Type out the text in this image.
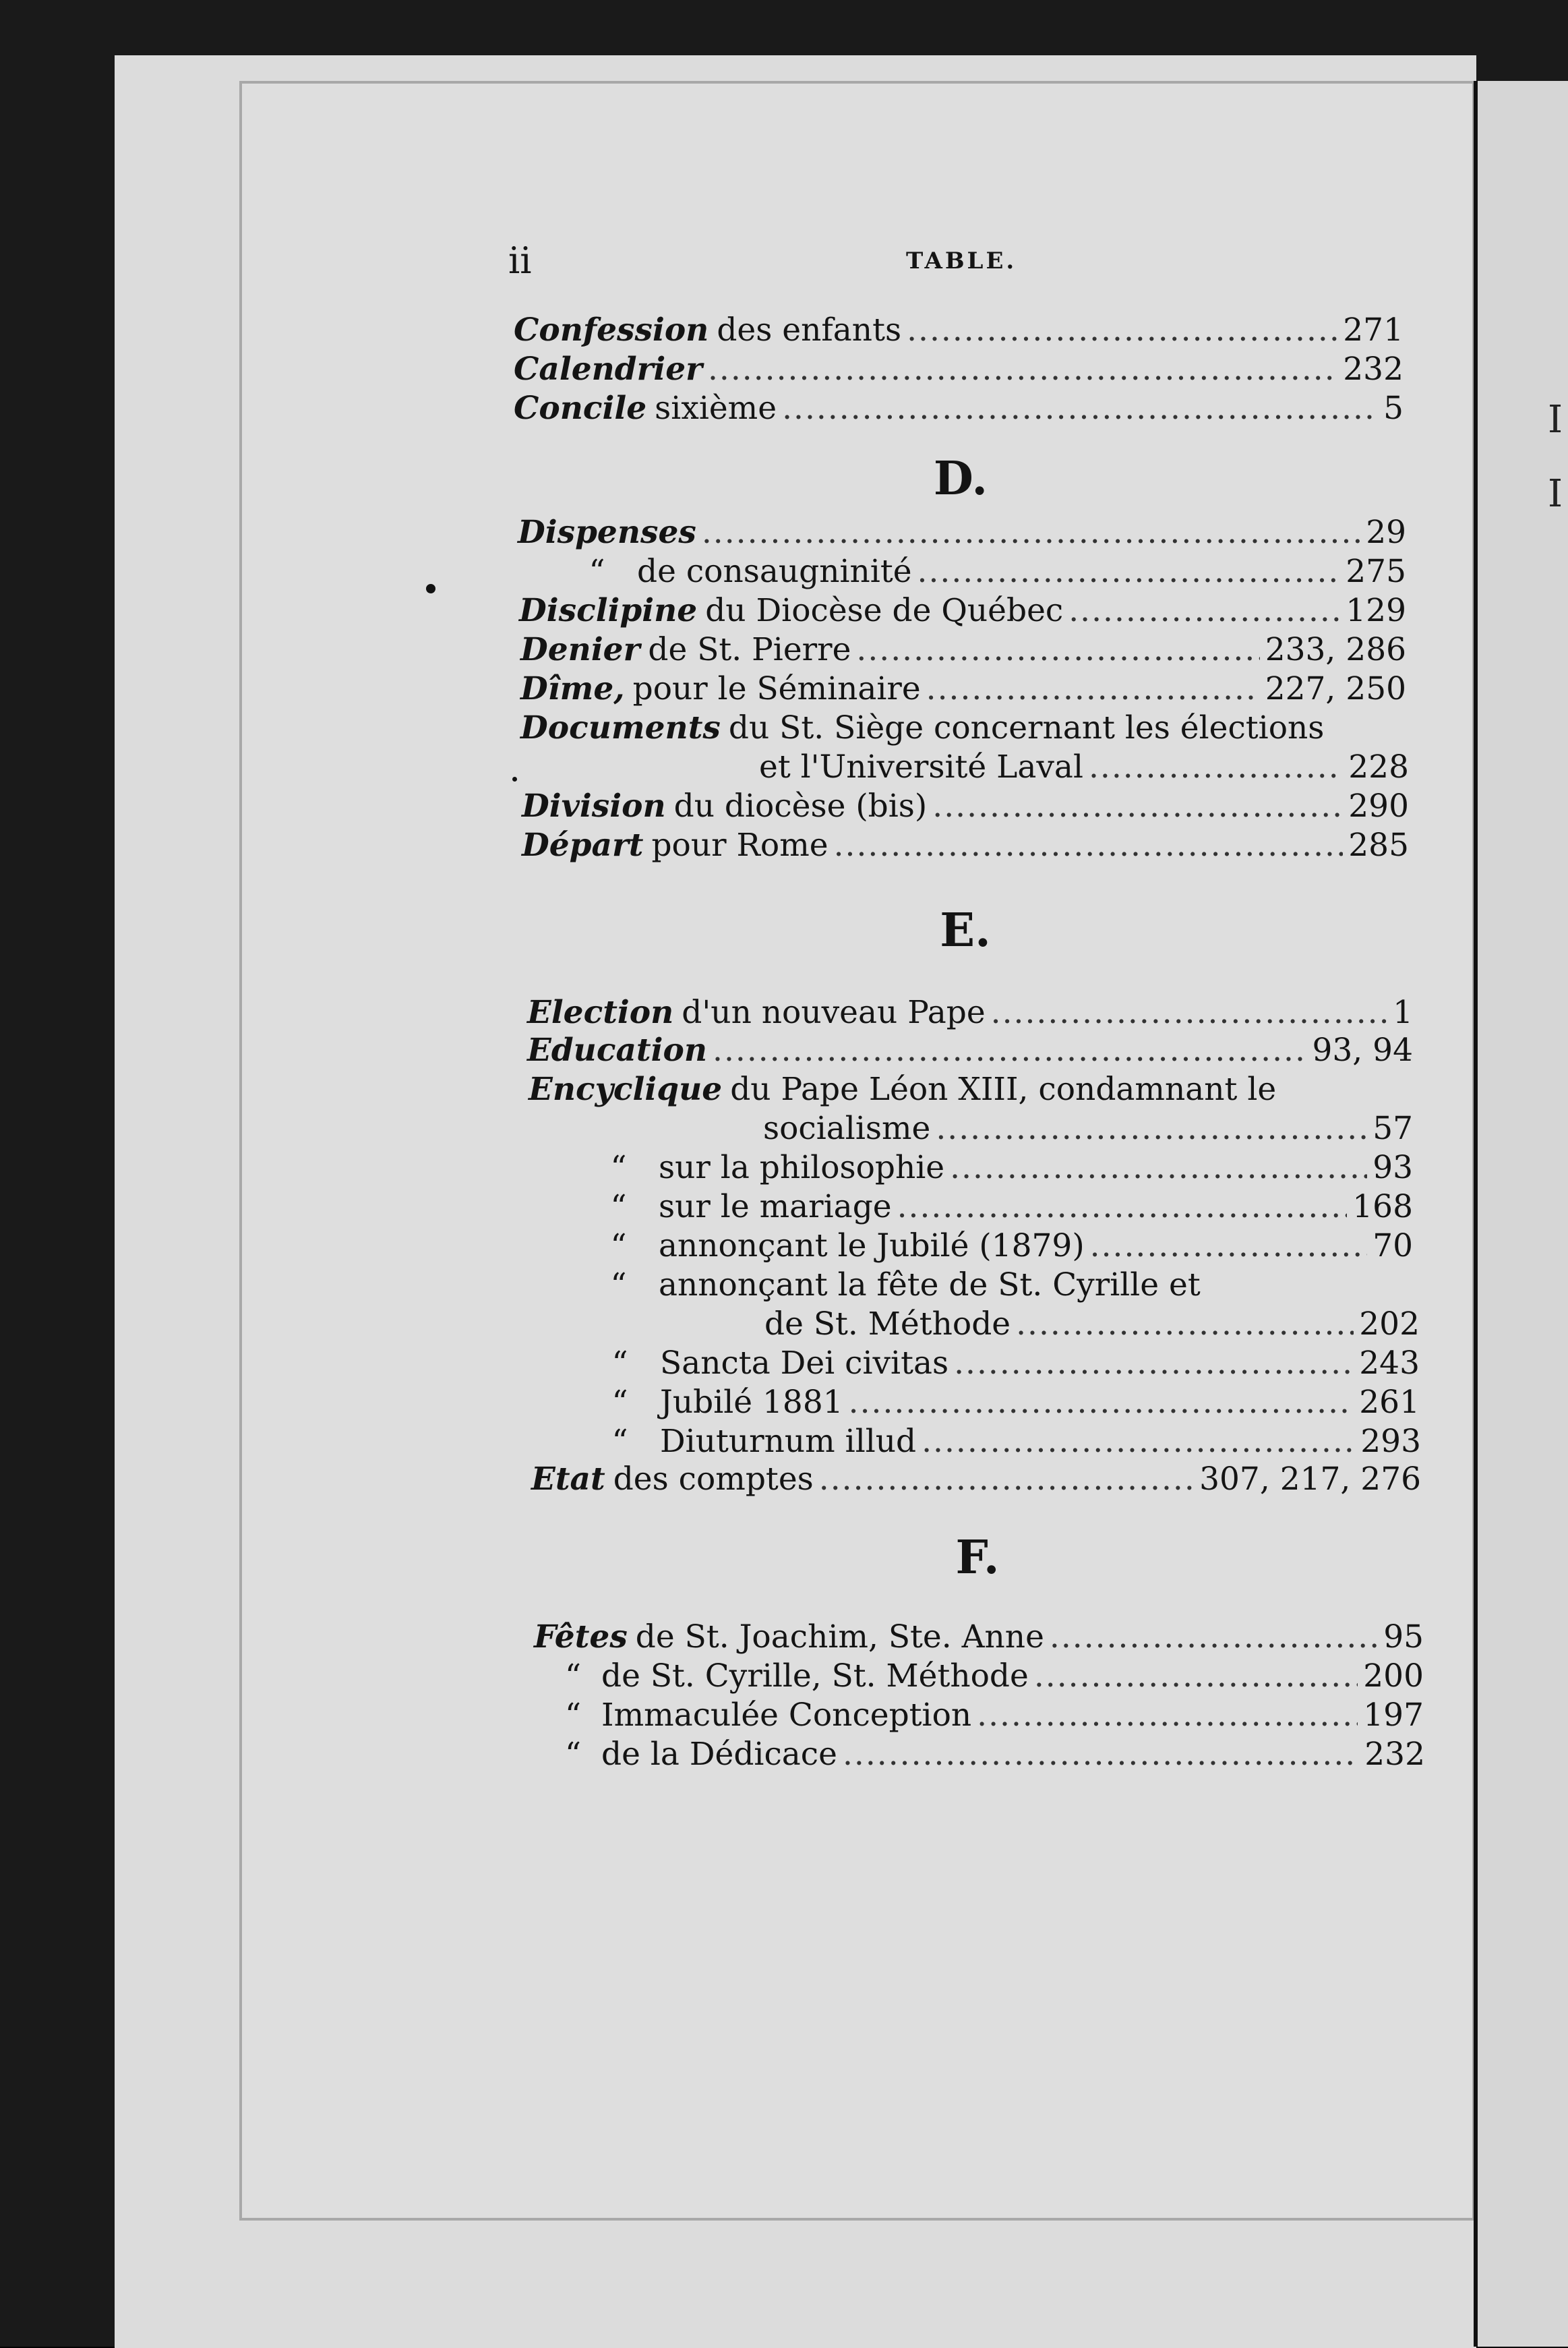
I
I
ii	TABLE.
Confession des enfants .....	271
Calendrier .....	232
Concile sixième .....	5
D.
Dispenses .....	29
“	de consaugninité .....	275
Disclipine du Diocèse de Québec .....	129
Denier de St. Pierre .....	233, 286
Dîme, pour le Séminaire .....	227, 250
Documents du St. Siège concernant les élections
et l'Université Laval .....	228
Division du diocèse (bis) .....	290
Départ pour Rome .....	285
E.
Election d'un nouveau Pape .....	1
Education .....	93, 94
Encyclique du Pape Léon XIII, condamnant le
socialisme .....	57
“	sur la philosophie .....	93
“	sur le mariage .....	168
“	annonçant le Jubilé (1879) .....	70
“	annonçant la fête de St. Cyrille et
de St. Méthode .....	202
“	Sancta Dei civitas .....	243
“	Jubilé 1881 .....	261
“	Diuturnum illud .....	293
Etat des comptes .....	307, 217, 276
F.
Fêtes de St. Joachim, Ste. Anne .....	95
“ de St. Cyrille, St. Méthode .....	200
“ Immaculée Conception .....	197
“ de la Dédicace .....	232
